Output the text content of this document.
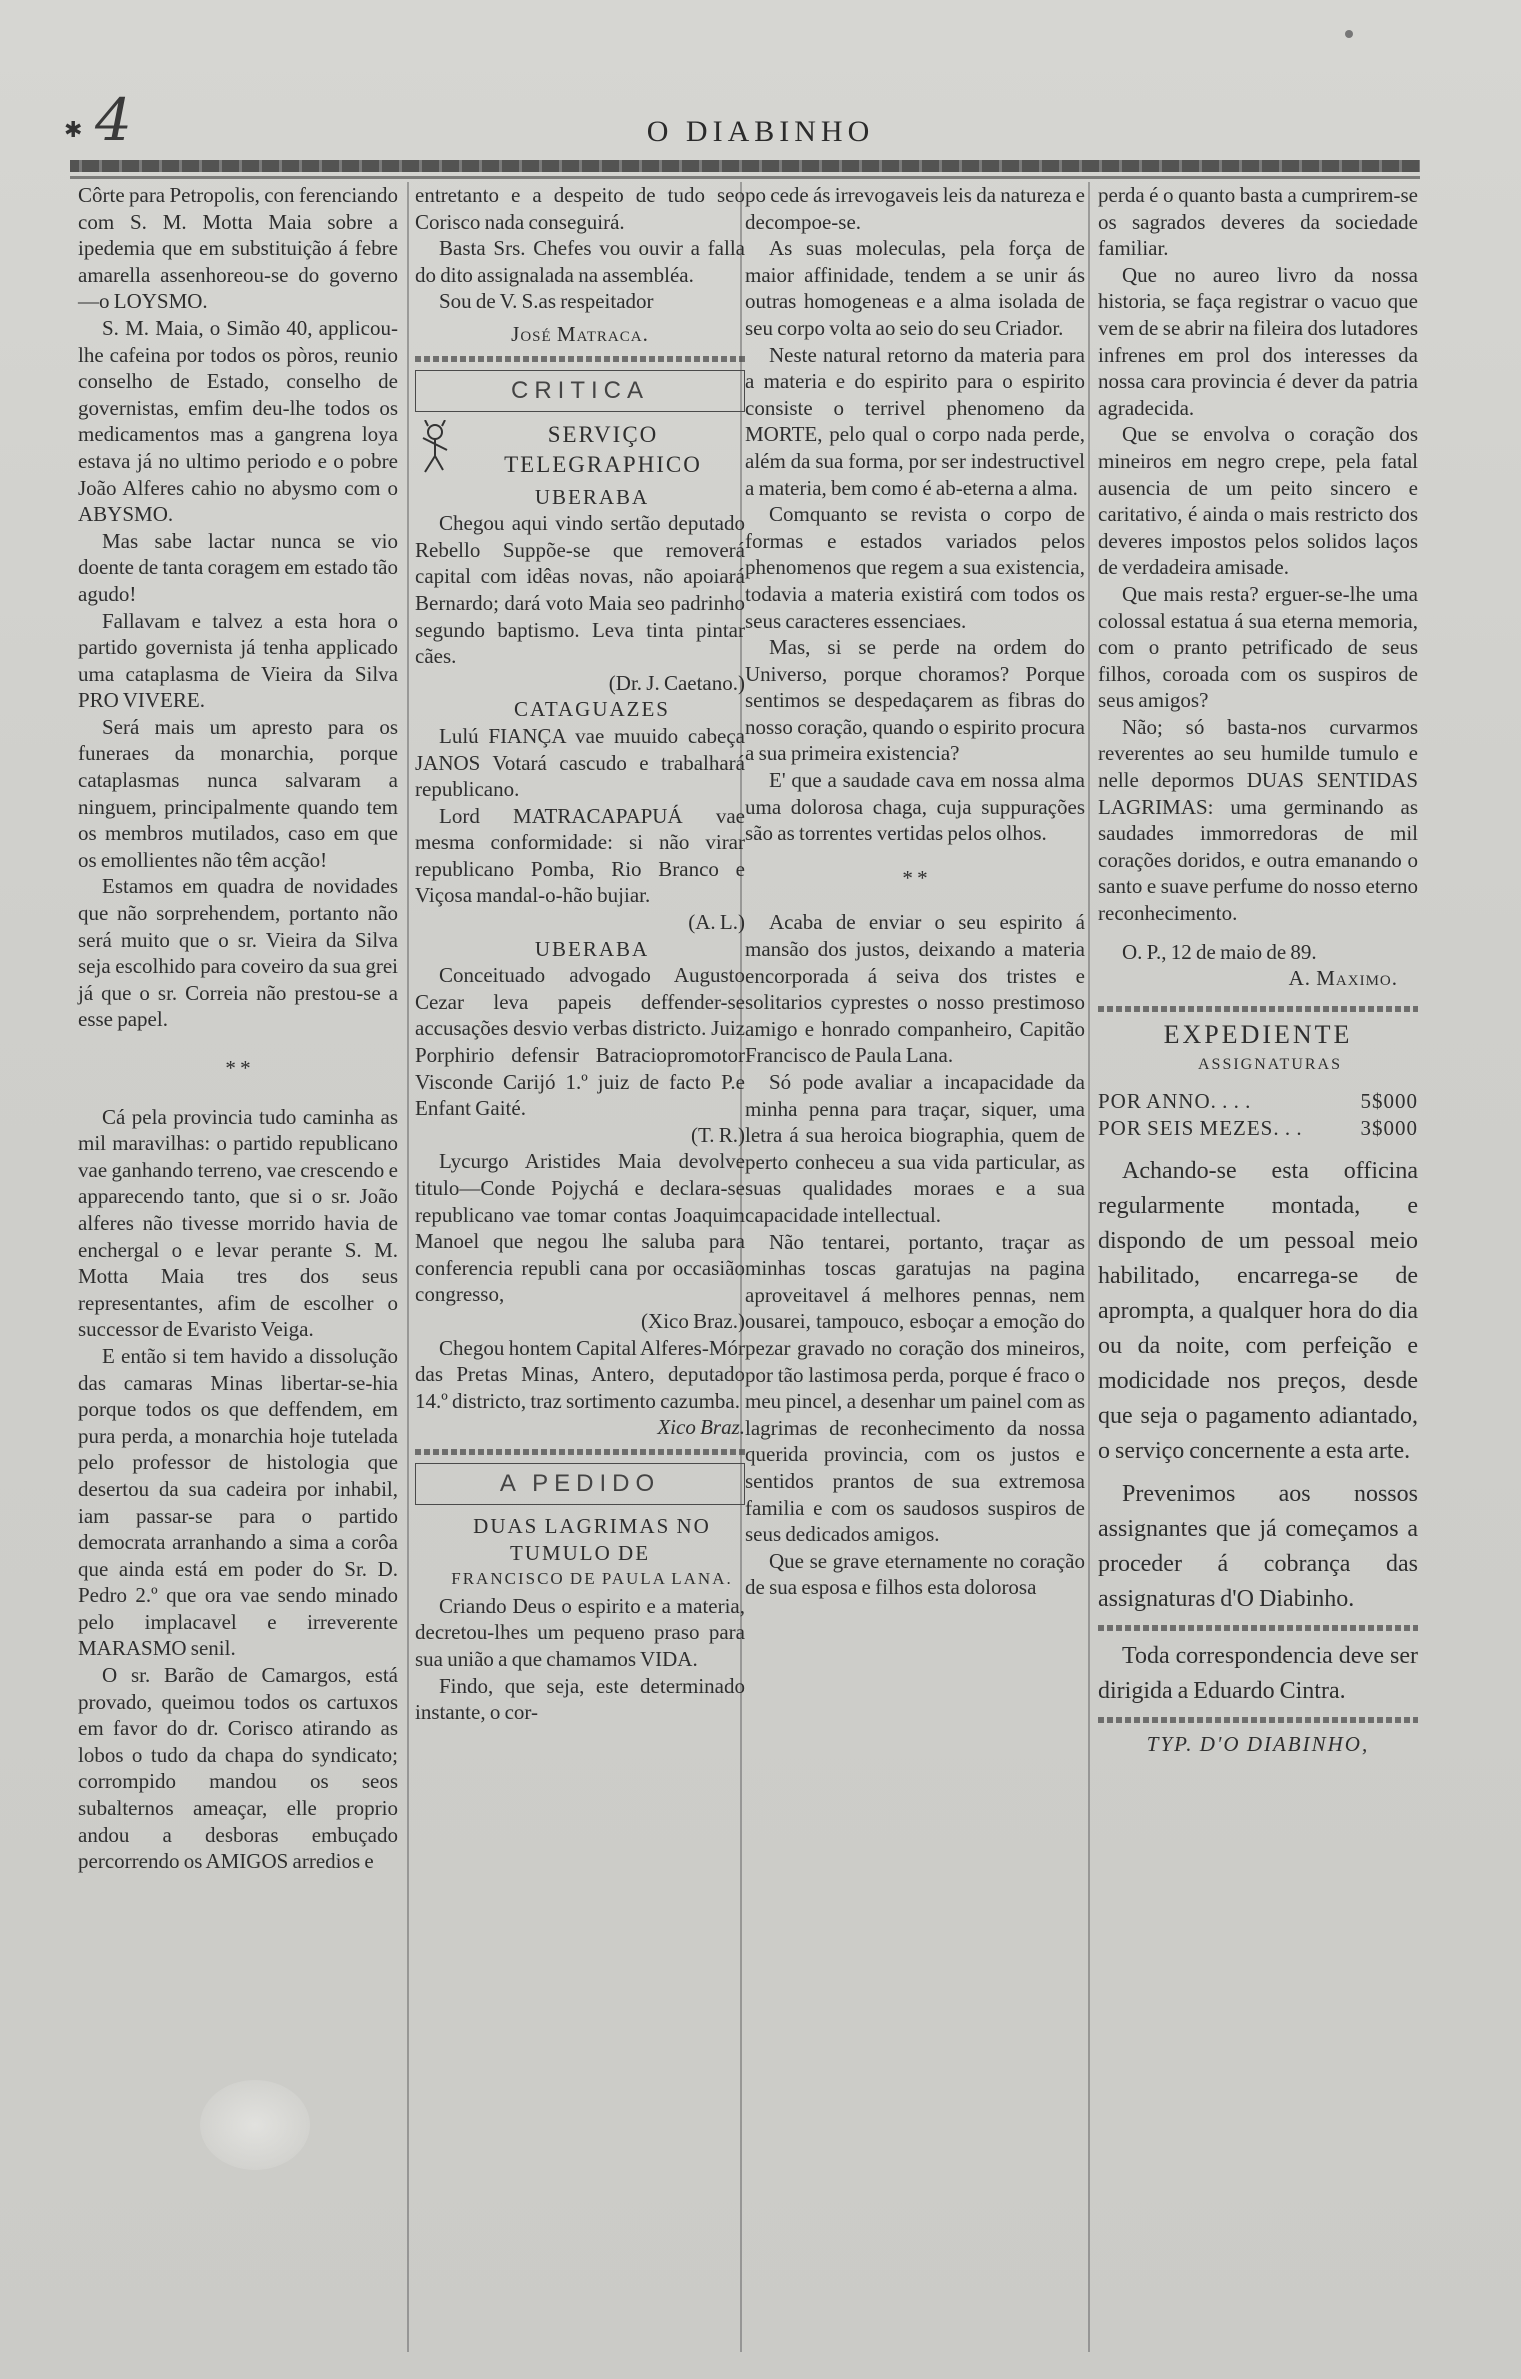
4
✱	O DIABINHO

Côrte para Petropolis, con ferenciando com S. M. Motta Maia sobre a ipedemia que em substituição á febre amarella assenhoreou-se do governo —o LOYSMO.

S. M. Maia, o Simão 40, applicou-lhe cafeina por todos os pòros, reunio conselho de Estado, conselho de governistas, emfim deu-lhe todos os medicamentos mas a gangrena loya estava já no ultimo periodo e o pobre João Alferes cahio no abysmo com o ABYSMO.

Mas sabe lactar nunca se vio doente de tanta coragem em estado tão agudo!

Fallavam e talvez a esta hora o partido governista já tenha applicado uma cataplasma de Vieira da Silva PRO VIVERE.

Será mais um apresto para os funeraes da monarchia, porque cataplasmas nunca salvaram a ninguem, principalmente quando tem os membros mutilados, caso em que os emollientes não têm acção!

Estamos em quadra de novidades que não sorprehendem, portanto não será muito que o sr. Vieira da Silva seja escolhido para coveiro da sua grei já que o sr. Correia não prestou-se a esse papel.

* *

Cá pela provincia tudo caminha as mil maravilhas: o partido republicano vae ganhando terreno, vae crescendo e apparecendo tanto, que si o sr. João alferes não tivesse morrido havia de enchergal o e levar perante S. M. Motta Maia tres dos seus representantes, afim de escolher o successor de Evaristo Veiga.

E então si tem havido a dissolução das camaras Minas libertar-se-hia porque todos os que deffendem, em pura perda, a monarchia hoje tutelada pelo professor de histologia que desertou da sua cadeira por inhabil, iam passar-se para o partido democrata arranhando a sima a corôa que ainda está em poder do Sr. D. Pedro 2.º que ora vae sendo minado pelo implacavel e irreverente MARASMO senil.

O sr. Barão de Camargos, está provado, queimou todos os cartuxos em favor do dr. Corisco atirando as lobos o tudo da chapa do syndicato; corrompido mandou os seos subalternos ameaçar, elle proprio andou a desboras embuçado percorrendo os AMIGOS arredios e

entretanto e a despeito de tudo seo Corisco nada conseguirá.

Basta Srs. Chefes vou ouvir a falla do dito assignalada na assembléa.

Sou de V. S.as respeitador

José Matraca.

CRITICA
SERVIÇO TELEGRAPHICO

UBERABA

Chegou aqui vindo sertão deputado Rebello Suppõe-se que removerá capital com idêas novas, não apoiará Bernardo; dará voto Maia seo padrinho segundo baptismo. Leva tinta pintar cães.

(Dr. J. Caetano.)

CATAGUAZES

Lulú FIANÇA vae muuido cabeça JANOS Votará cascudo e trabalhará republicano.

Lord MATRACAPAPUÁ vae mesma conformidade: si não virar republicano Pomba, Rio Branco e Viçosa mandal-o-hão bujiar.

(A. L.)

UBERABA

Conceituado advogado Augusto Cezar leva papeis deffender-se accusações desvio verbas districto. Juiz Porphirio defensir Batraciopromotor Visconde Carijó 1.º juiz de facto P.e Enfant Gaité.

(T. R.)

Lycurgo Aristides Maia devolve titulo—Conde Pojychá e declara-se republicano vae tomar contas Joaquim Manoel que negou lhe saluba para conferencia republi cana por occasião congresso,

(Xico Braz.)

Chegou hontem Capital Alferes-Mór das Pretas Minas, Antero, deputado 14.º districto, traz sortimento cazumba.

Xico Braz.

A PEDIDO

DUAS LAGRIMAS NO TUMULO DE

FRANCISCO DE PAULA LANA.

Criando Deus o espirito e a materia, decretou-lhes um pequeno praso para sua união a que chamamos VIDA.

Findo, que seja, este determinado instante, o cor-

po cede ás irrevogaveis leis da natureza e decompoe-se.

As suas moleculas, pela força de maior affinidade, tendem a se unir ás outras homogeneas e a alma isolada de seu corpo volta ao seio do seu Criador.

Neste natural retorno da materia para a materia e do espirito para o espirito consiste o terrivel phenomeno da MORTE, pelo qual o corpo nada perde, além da sua forma, por ser indestructivel a materia, bem como é ab-eterna a alma.

Comquanto se revista o corpo de formas e estados variados pelos phenomenos que regem a sua existencia, todavia a materia existirá com todos os seus caracteres essenciaes.

Mas, si se perde na ordem do Universo, porque choramos? Porque sentimos se despedaçarem as fibras do nosso coração, quando o espirito procura a sua primeira existencia?

E' que a saudade cava em nossa alma uma dolorosa chaga, cuja suppurações são as torrentes vertidas pelos olhos.

* *

Acaba de enviar o seu espirito á mansão dos justos, deixando a materia encorporada á seiva dos tristes e solitarios cyprestes o nosso prestimoso amigo e honrado companheiro, Capitão Francisco de Paula Lana.

Só pode avaliar a incapacidade da minha penna para traçar, siquer, uma letra á sua heroica biographia, quem de perto conheceu a sua vida particular, as suas qualidades moraes e a sua capacidade intellectual.

Não tentarei, portanto, traçar as minhas toscas garatujas na pagina aproveitavel á melhores pennas, nem ousarei, tampouco, esboçar a emoção do pezar gravado no coração dos mineiros, por tão lastimosa perda, porque é fraco o meu pincel, a desenhar um painel com as lagrimas de reconhecimento da nossa querida provincia, com os justos e sentidos prantos de sua extremosa familia e com os saudosos suspiros de seus dedicados amigos.

Que se grave eternamente no coração de sua esposa e filhos esta dolorosa

perda é o quanto basta a cumprirem-se os sagrados deveres da sociedade familiar.

Que no aureo livro da nossa historia, se faça registrar o vacuo que vem de se abrir na fileira dos lutadores infrenes em prol dos interesses da nossa cara provincia é dever da patria agradecida.

Que se envolva o coração dos mineiros em negro crepe, pela fatal ausencia de um peito sincero e caritativo, é ainda o mais restricto dos deveres impostos pelos solidos laços de verdadeira amisade.

Que mais resta? erguer-se-lhe uma colossal estatua á sua eterna memoria, com o pranto petrificado de seus filhos, coroada com os suspiros de seus amigos?

Não; só basta-nos curvarmos reverentes ao seu humilde tumulo e nelle depormos DUAS SENTIDAS LAGRIMAS: uma germinando as saudades immorredoras de mil corações doridos, e outra emanando o santo e suave perfume do nosso eterno reconhecimento.

O. P., 12 de maio de 89.

A. Maximo.

EXPEDIENTE

ASSIGNATURAS

POR ANNO. . . .	5$000
POR SEIS MEZES. . .	3$000

Achando-se esta officina regularmente montada, e dispondo de um pessoal meio habilitado, encarrega-se de aprompta, a qualquer hora do dia ou da noite, com perfeição e modicidade nos preços, desde que seja o pagamento adiantado, o serviço concernente a esta arte.

Prevenimos aos nossos assignantes que já começamos a proceder á cobrança das assignaturas d'O Diabinho.

Toda correspondencia deve ser dirigida a Eduardo Cintra.

TYP. D'O DIABINHO,
